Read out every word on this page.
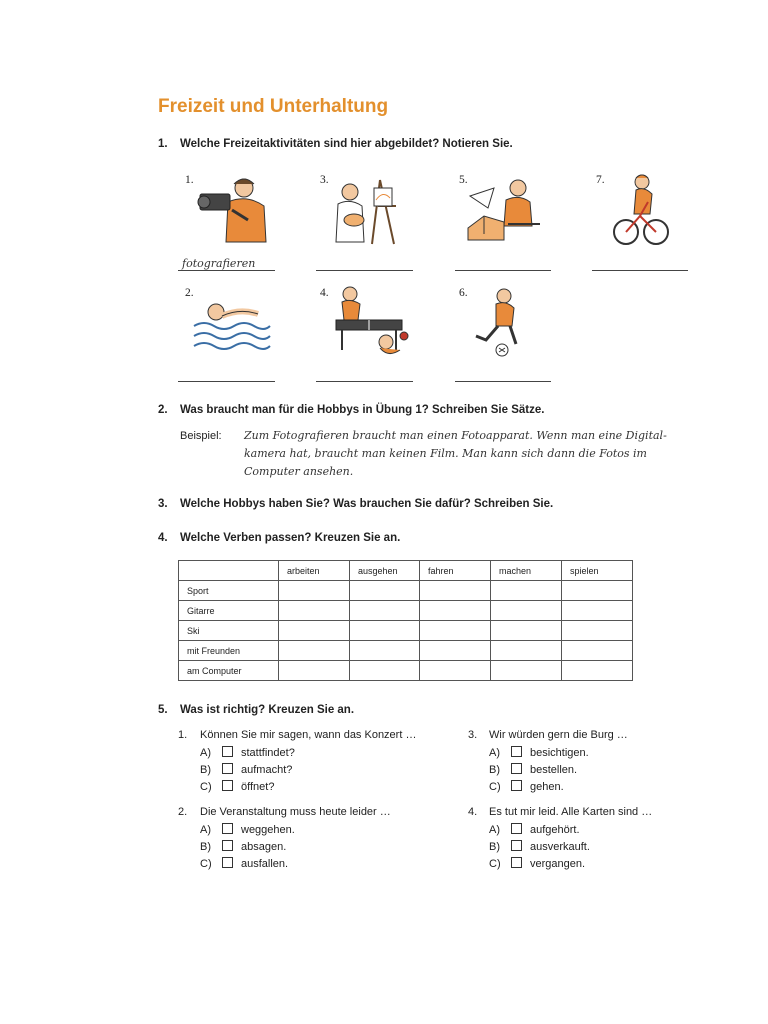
Freizeit und Unterhaltung
1. Welche Freizeitaktivitäten sind hier abgebildet? Notieren Sie.
1.
fotografieren
3.	5.	7.
2.	4.	6.
2. Was braucht man für die Hobbys in Übung 1? Schreiben Sie Sätze.
Beispiel: Zum Fotografieren braucht man einen Fotoapparat. Wenn man eine Digital-
kamera hat, braucht man keinen Film. Man kann sich dann die Fotos im
Computer ansehen.
3. Welche Hobbys haben Sie? Was brauchen Sie dafür? Schreiben Sie.
4. Welche Verben passen? Kreuzen Sie an.
	arbeiten	ausgehen	fahren	machen	spielen
Sport					
Gitarre					
Ski					
mit Freunden					
am Computer					
5. Was ist richtig? Kreuzen Sie an.
1. Können Sie mir sagen, wann das Konzert …
A)	stattfindet?
B)	aufmacht?
C)	öffnet?
2. Die Veranstaltung muss heute leider …
A)	weggehen.
B)	absagen.
C)	ausfallen.
3. Wir würden gern die Burg …
A)	besichtigen.
B)	bestellen.
C)	gehen.
4. Es tut mir leid. Alle Karten sind …
A)	aufgehört.
B)	ausverkauft.
C)	vergangen.
